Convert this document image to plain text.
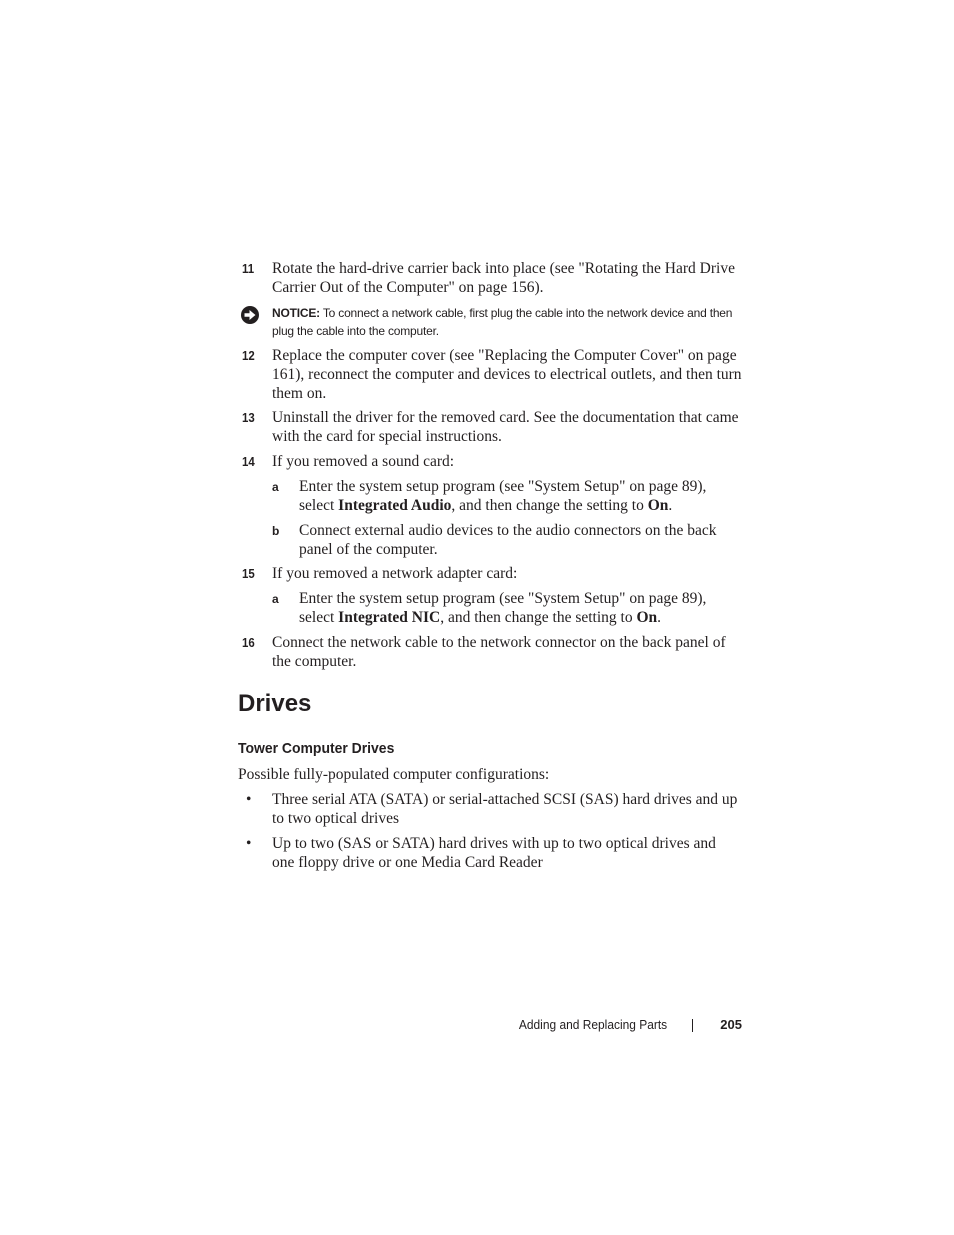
11 Rotate the hard-drive carrier back into place (see "Rotating the Hard Drive Carrier Out of the Computer" on page 156).
NOTICE: To connect a network cable, first plug the cable into the network device and then plug the cable into the computer.
12 Replace the computer cover (see "Replacing the Computer Cover" on page 161), reconnect the computer and devices to electrical outlets, and then turn them on.
13 Uninstall the driver for the removed card. See the documentation that came with the card for special instructions.
14 If you removed a sound card:
a Enter the system setup program (see "System Setup" on page 89), select Integrated Audio, and then change the setting to On.
b Connect external audio devices to the audio connectors on the back panel of the computer.
15 If you removed a network adapter card:
a Enter the system setup program (see "System Setup" on page 89), select Integrated NIC, and then change the setting to On.
16 Connect the network cable to the network connector on the back panel of the computer.
Drives
Tower Computer Drives
Possible fully-populated computer configurations:
• Three serial ATA (SATA) or serial-attached SCSI (SAS) hard drives and up to two optical drives
• Up to two (SAS or SATA) hard drives with up to two optical drives and one floppy drive or one Media Card Reader
Adding and Replacing Parts	205
